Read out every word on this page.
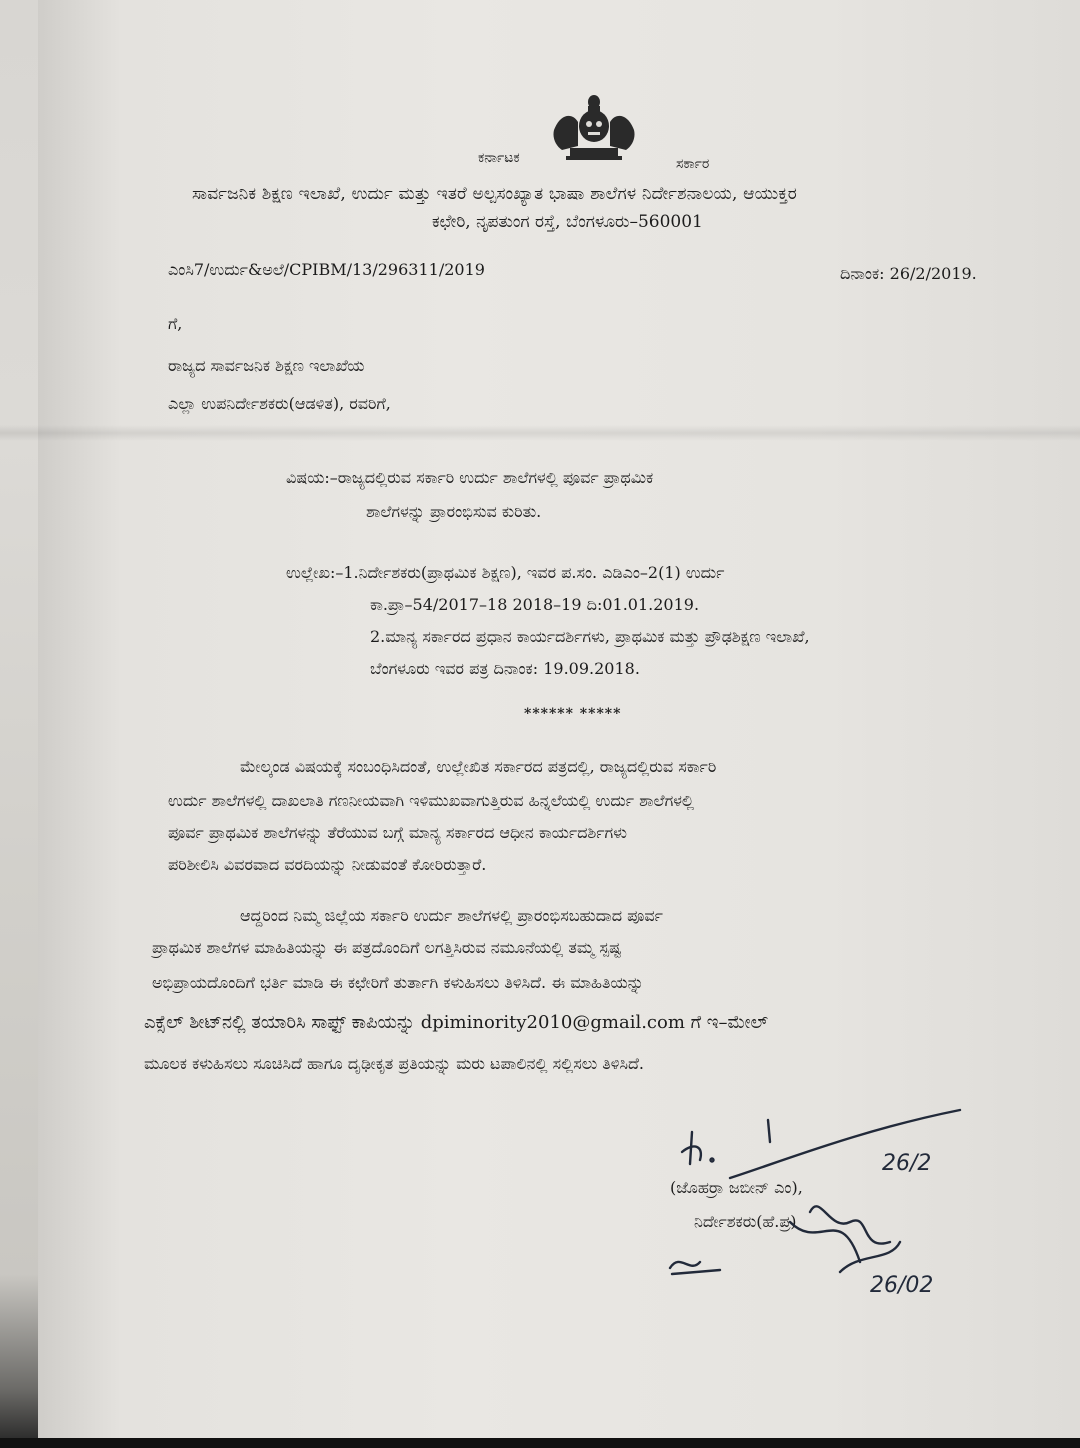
ಕರ್ನಾಟಕ	ಸರ್ಕಾರ
ಸಾರ್ವಜನಿಕ ಶಿಕ್ಷಣ ಇಲಾಖೆ, ಉರ್ದು ಮತ್ತು ಇತರೆ ಅಲ್ಪಸಂಖ್ಯಾತ ಭಾಷಾ ಶಾಲೆಗಳ ನಿರ್ದೇಶನಾಲಯ, ಆಯುಕ್ತರ
ಕಛೇರಿ, ನೃಪತುಂಗ ರಸ್ತೆ, ಬೆಂಗಳೂರು–560001
ಎಂಸಿ7/ಉರ್ದು&ಅಲೆ/CPIBM/13/296311/2019	ದಿನಾಂಕ: 26/2/2019.
ಗೆ,
ರಾಜ್ಯದ ಸಾರ್ವಜನಿಕ ಶಿಕ್ಷಣ ಇಲಾಖೆಯ
ಎಲ್ಲಾ ಉಪನಿರ್ದೇಶಕರು(ಆಡಳಿತ), ರವರಿಗೆ,
ವಿಷಯ:–ರಾಜ್ಯದಲ್ಲಿರುವ ಸರ್ಕಾರಿ ಉರ್ದು ಶಾಲೆಗಳಲ್ಲಿ ಪೂರ್ವ ಪ್ರಾಥಮಿಕ
ಶಾಲೆಗಳನ್ನು ಪ್ರಾರಂಭಿಸುವ ಕುರಿತು.
ಉಲ್ಲೇಖ:–1.ನಿರ್ದೇಶಕರು(ಪ್ರಾಥಮಿಕ ಶಿಕ್ಷಣ), ಇವರ ಪ.ಸಂ. ಎಡಿಎಂ–2(1) ಉರ್ದು
ಕಾ.ಪ್ರಾ–54/2017–18 2018–19 ದಿ:01.01.2019.
2.ಮಾನ್ಯ ಸರ್ಕಾರದ ಪ್ರಧಾನ ಕಾರ್ಯದರ್ಶಿಗಳು, ಪ್ರಾಥಮಿಕ ಮತ್ತು ಪ್ರೌಢಶಿಕ್ಷಣ ಇಲಾಖೆ,
ಬೆಂಗಳೂರು ಇವರ ಪತ್ರ ದಿನಾಂಕ: 19.09.2018.
****** *****
ಮೇಲ್ಕಂಡ ವಿಷಯಕ್ಕೆ ಸಂಬಂಧಿಸಿದಂತೆ, ಉಲ್ಲೇಖಿತ ಸರ್ಕಾರದ ಪತ್ರದಲ್ಲಿ, ರಾಜ್ಯದಲ್ಲಿರುವ ಸರ್ಕಾರಿ
ಉರ್ದು ಶಾಲೆಗಳಲ್ಲಿ ದಾಖಲಾತಿ ಗಣನೀಯವಾಗಿ ಇಳಿಮುಖವಾಗುತ್ತಿರುವ ಹಿನ್ನಲೆಯಲ್ಲಿ ಉರ್ದು ಶಾಲೆಗಳಲ್ಲಿ
ಪೂರ್ವ ಪ್ರಾಥಮಿಕ ಶಾಲೆಗಳನ್ನು ತೆರೆಯುವ ಬಗ್ಗೆ ಮಾನ್ಯ ಸರ್ಕಾರದ ಆಧೀನ ಕಾರ್ಯದರ್ಶಿಗಳು
ಪರಿಶೀಲಿಸಿ ವಿವರವಾದ ವರದಿಯನ್ನು ನೀಡುವಂತೆ ಕೋರಿರುತ್ತಾರೆ.
ಆದ್ದರಿಂದ ನಿಮ್ಮ ಜಿಲ್ಲೆಯ ಸರ್ಕಾರಿ ಉರ್ದು ಶಾಲೆಗಳಲ್ಲಿ ಪ್ರಾರಂಭಿಸಬಹುದಾದ ಪೂರ್ವ
ಪ್ರಾಥಮಿಕ ಶಾಲೆಗಳ ಮಾಹಿತಿಯನ್ನು ಈ ಪತ್ರದೊಂದಿಗೆ ಲಗತ್ತಿಸಿರುವ ನಮೂನೆಯಲ್ಲಿ ತಮ್ಮ ಸ್ಪಷ್ಟ
ಅಭಿಪ್ರಾಯದೊಂದಿಗೆ ಭರ್ತಿ ಮಾಡಿ ಈ ಕಛೇರಿಗೆ ತುರ್ತಾಗಿ ಕಳುಹಿಸಲು ತಿಳಿಸಿದೆ. ಈ ಮಾಹಿತಿಯನ್ನು
ಎಕ್ಸೆಲ್ ಶೀಟ್‌ನಲ್ಲಿ ತಯಾರಿಸಿ ಸಾಫ್ಟ್ ಕಾಪಿಯನ್ನು dpiminority2010@gmail.com ಗೆ ಇ–ಮೇಲ್
ಮೂಲಕ ಕಳುಹಿಸಲು ಸೂಚಿಸಿದೆ ಹಾಗೂ ದೃಢೀಕೃತ ಪ್ರತಿಯನ್ನು ಮರು ಟಪಾಲಿನಲ್ಲಿ ಸಲ್ಲಿಸಲು ತಿಳಿಸಿದೆ.
(ಜೊಹರ್ರಾ ಜಬೀನ್ ಎಂ),
ನಿರ್ದೇಶಕರು(ಹೆ.ಪ್ರ)
26/2
26/02
